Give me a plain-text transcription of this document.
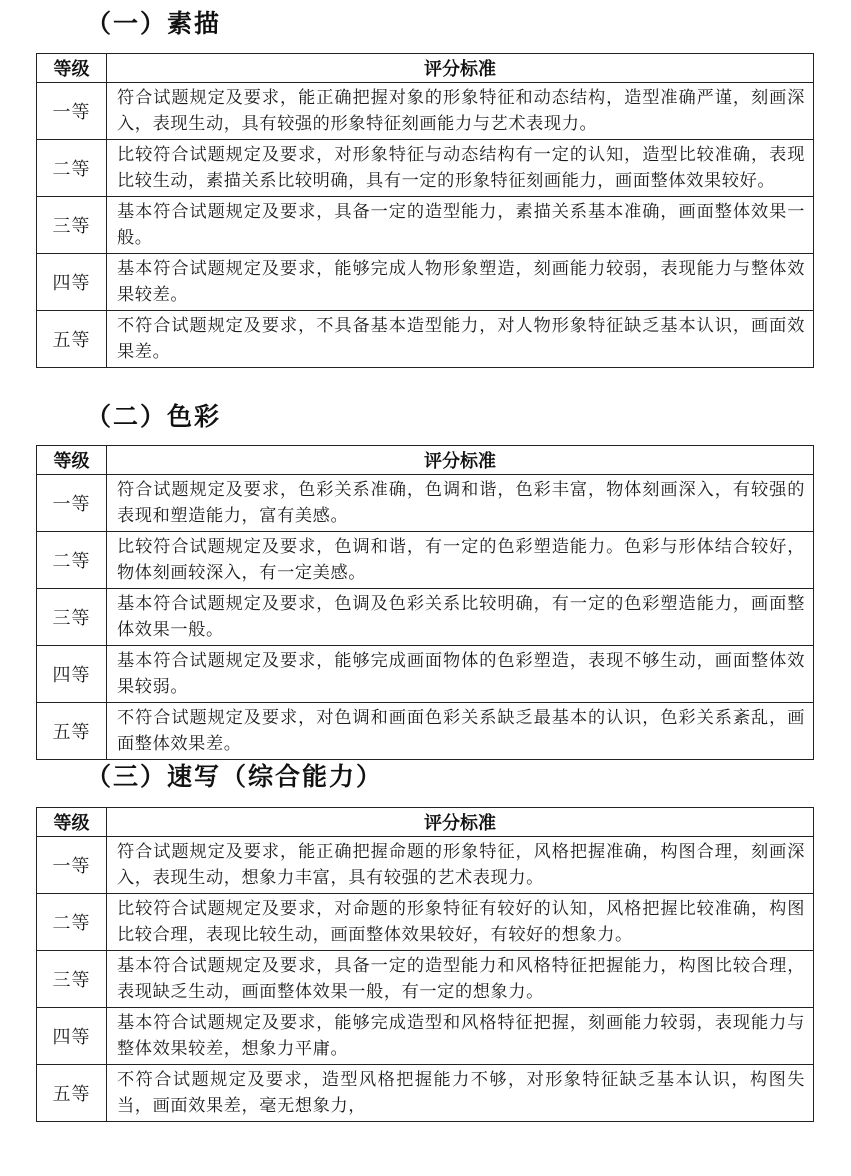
（一）素描
等级	评分标准
一等	符合试题规定及要求，能正确把握对象的形象特征和动态结构，造型准确严谨，刻画深入，表现生动，具有较强的形象特征刻画能力与艺术表现力。
二等	比较符合试题规定及要求，对形象特征与动态结构有一定的认知，造型比较准确，表现比较生动，素描关系比较明确，具有一定的形象特征刻画能力，画面整体效果较好。
三等	基本符合试题规定及要求，具备一定的造型能力，素描关系基本准确，画面整体效果一般。
四等	基本符合试题规定及要求，能够完成人物形象塑造，刻画能力较弱，表现能力与整体效果较差。
五等	不符合试题规定及要求，不具备基本造型能力，对人物形象特征缺乏基本认识，画面效果差。
（二）色彩
等级	评分标准
一等	符合试题规定及要求，色彩关系准确，色调和谐，色彩丰富，物体刻画深入，有较强的表现和塑造能力，富有美感。
二等	比较符合试题规定及要求，色调和谐，有一定的色彩塑造能力。色彩与形体结合较好，物体刻画较深入，有一定美感。
三等	基本符合试题规定及要求，色调及色彩关系比较明确，有一定的色彩塑造能力，画面整体效果一般。
四等	基本符合试题规定及要求，能够完成画面物体的色彩塑造，表现不够生动，画面整体效果较弱。
五等	不符合试题规定及要求，对色调和画面色彩关系缺乏最基本的认识，色彩关系紊乱，画面整体效果差。
（三）速写（综合能力）
等级	评分标准
一等	符合试题规定及要求，能正确把握命题的形象特征，风格把握准确，构图合理，刻画深入，表现生动，想象力丰富，具有较强的艺术表现力。
二等	比较符合试题规定及要求，对命题的形象特征有较好的认知，风格把握比较准确，构图比较合理，表现比较生动，画面整体效果较好，有较好的想象力。
三等	基本符合试题规定及要求，具备一定的造型能力和风格特征把握能力，构图比较合理，表现缺乏生动，画面整体效果一般，有一定的想象力。
四等	基本符合试题规定及要求，能够完成造型和风格特征把握，刻画能力较弱，表现能力与整体效果较差，想象力平庸。
五等	不符合试题规定及要求，造型风格把握能力不够，对形象特征缺乏基本认识，构图失当，画面效果差，毫无想象力，
